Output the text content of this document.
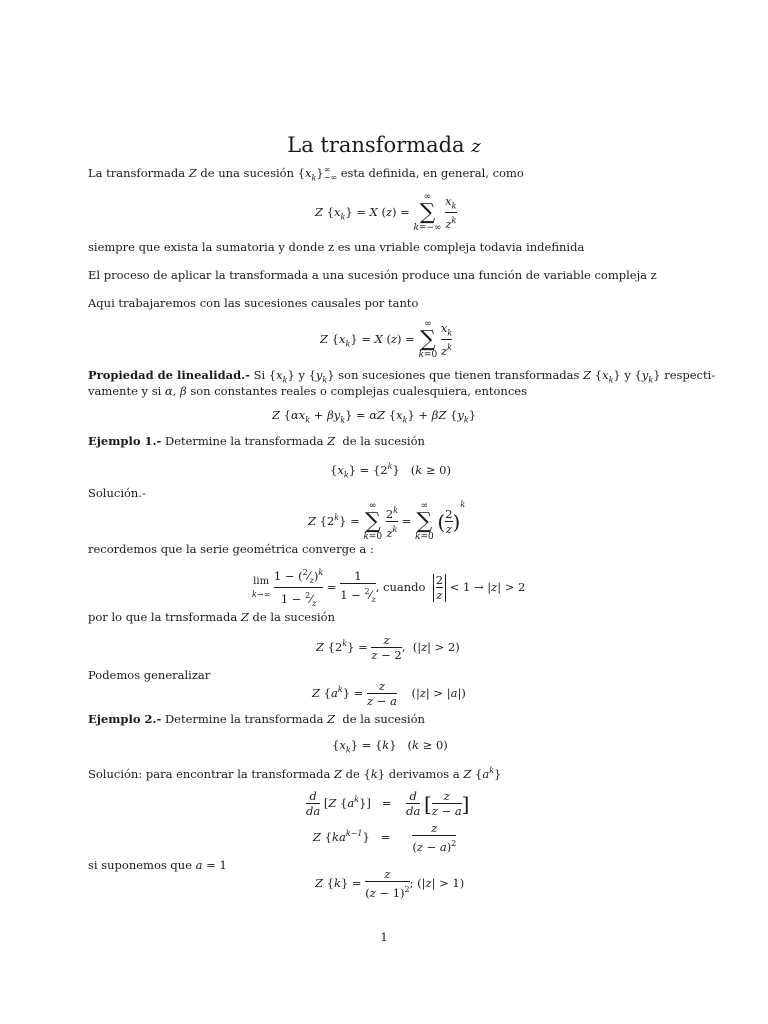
La transformada z
La transformada Z de una sucesión $\{x_k\}\infty$
−∞ esta definida, en general, como
Z $\{x_k\} = X$ (z) = ∞
∑
$k=-\infty \frac{x_k}{z^k}$
siempre que exista la sumatoria y donde z es una vriable compleja todavia indefinida
El proceso de aplicar la transformada a una sucesión produce una función de variable compleja z
Aqui trabajaremos con las sucesiones causales por tanto
Z $\{x_k\} = X$ (z) = ∞
∑
$k=0 \frac{x_k}{z^k}$
Propiedad de linealidad.- Si $\{x_k\}$ y $\{y_k\}$ son sucesiones que tienen transformadas Z $\{x_k\}$ y $\{y_k\}$ respecti-
vamente y si α, β son constantes reales o complejas cualesquiera, entonces
Z $\{\alpha x_k + \beta y_k\} = \alpha Z$ $\{x_k\} + \beta Z$ $\{y_k\}$
Ejemplo 1.- Determine la transformada Z  de la sucesión
$\{x_k\} = \{2^k\} (k \ge 0)$
Solución.-
Z $\{2^k\}$ = ∞
∑
$k=0 \frac{2^k}{z^k}$ = ∞
∑
k=0 ( $\frac{2}{z} )^k$
recordemos que la serie geométrica converge a :
lim
k→∞
$\frac{1 - (^2⁄_z)^k}{1 - ^2⁄_z} = \frac{1}{1 - ^2⁄_z}$ , cuando $\frac{2}{z} < 1 \to |z| > 2$
por lo que la trnsformada Z de la sucesión
Z $\{2^k\} = \frac{z}{z - 2}$ ,  (|z| > 2)
Podemos generalizar
Z $\{a^k\} = \frac{z}{z - a} (|z| > |a|)$
Ejemplo 2.- Determine la transformada Z  de la sucesión
$\{x_k\} = \{k\} (k \ge 0)$
Solución: para encontrar la transformada Z de {k} derivamos a Z $\{a^k\}$
$\frac{d}{da} [Z$ $\{a^k\}] = \frac{d}{da}$ [ $\frac{z}{z - a}$ ]
Z $\{ka^{k-1}\} = \frac{z}{(z - a)^2}$
si suponemos que a = 1
Z $\{k\} = \frac{z}{(z - 1)^2}$ ; (|z| > 1)
1
